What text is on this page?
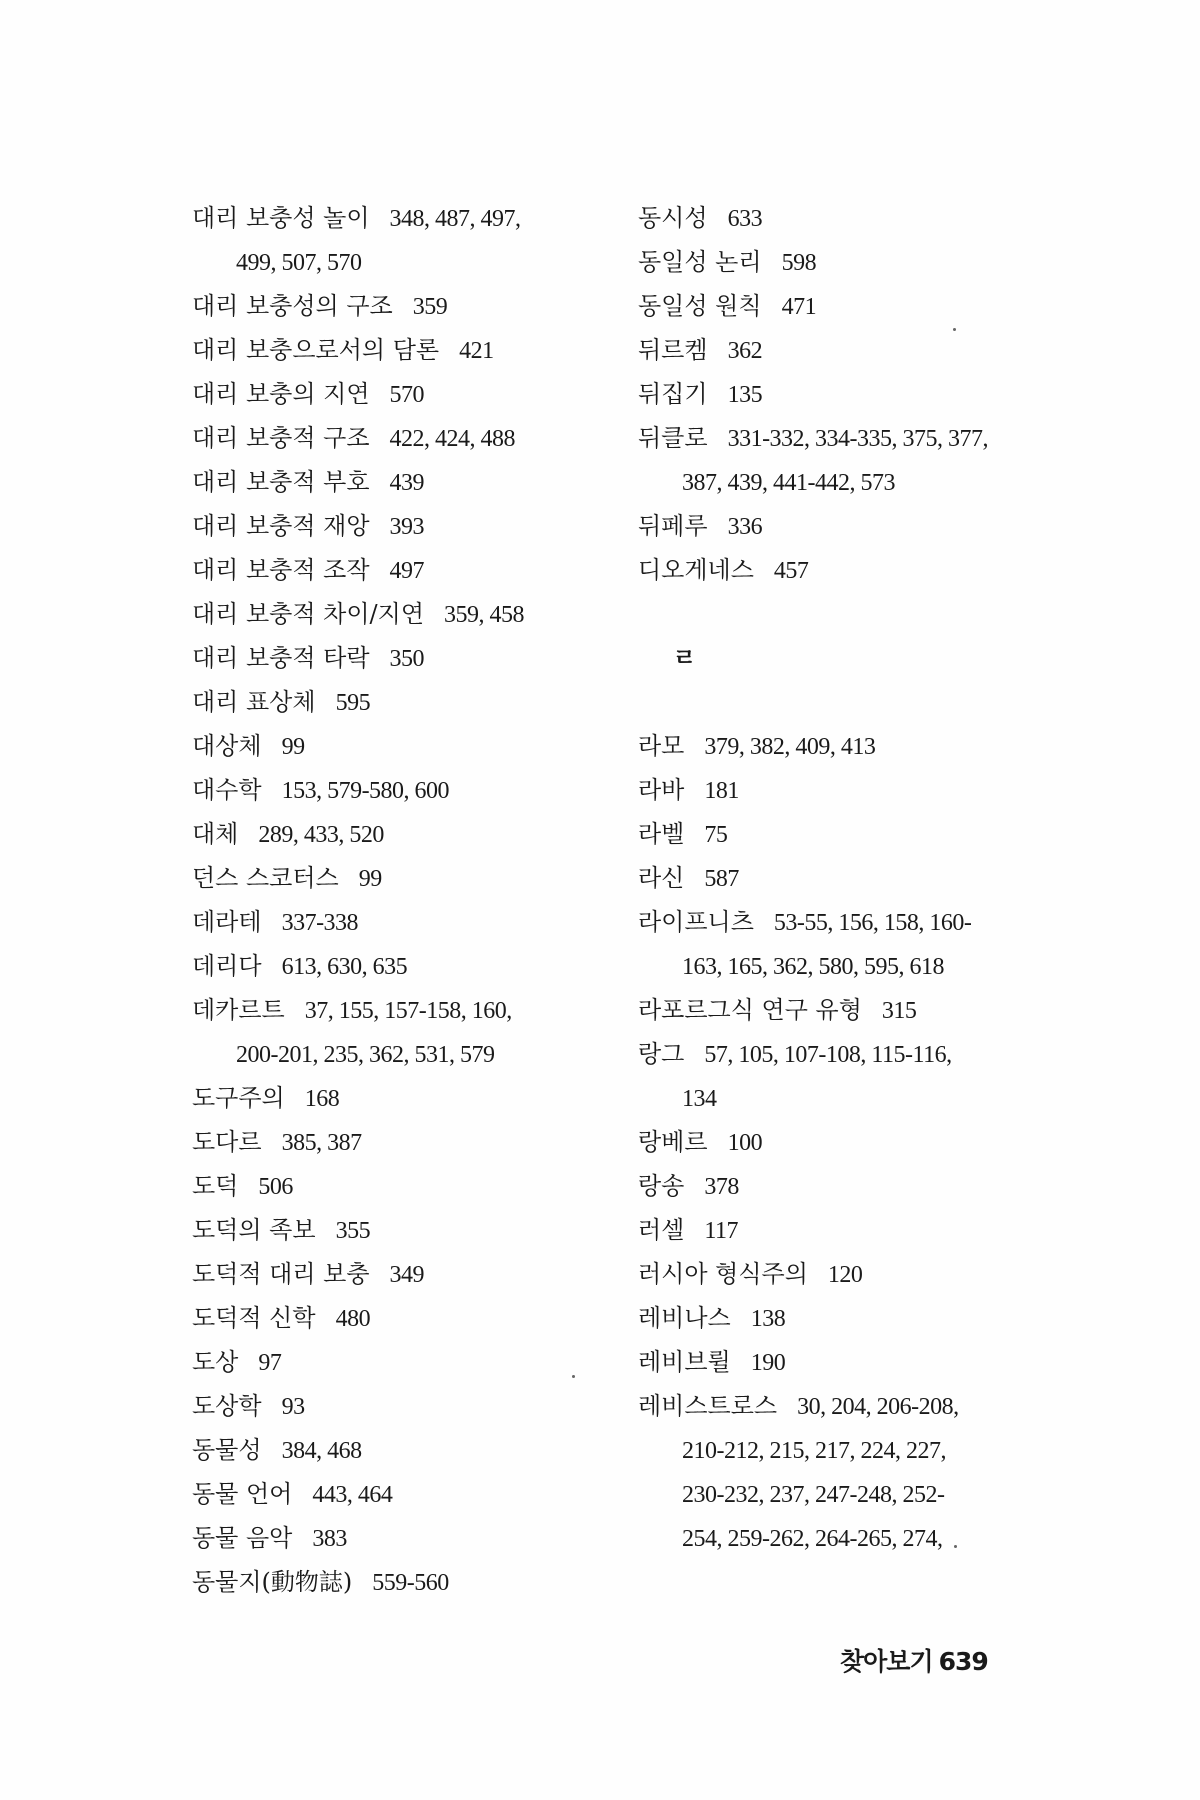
대리 보충성 놀이 348, 487, 497,
499, 507, 570
대리 보충성의 구조 359
대리 보충으로서의 담론 421
대리 보충의 지연 570
대리 보충적 구조 422, 424, 488
대리 보충적 부호 439
대리 보충적 재앙 393
대리 보충적 조작 497
대리 보충적 차이/지연 359, 458
대리 보충적 타락 350
대리 표상체 595
대상체 99
대수학 153, 579-580, 600
대체 289, 433, 520
던스 스코터스 99
데라테 337-338
데리다 613, 630, 635
데카르트 37, 155, 157-158, 160,
200-201, 235, 362, 531, 579
도구주의 168
도다르 385, 387
도덕 506
도덕의 족보 355
도덕적 대리 보충 349
도덕적 신학 480
도상 97
도상학 93
동물성 384, 468
동물 언어 443, 464
동물 음악 383
동물지(動物誌) 559-560
동시성 633
동일성 논리 598
동일성 원칙 471
뒤르켐 362
뒤집기 135
뒤클로 331-332, 334-335, 375, 377,
387, 439, 441-442, 573
뒤페루 336
디오게네스 457
ㄹ
라모 379, 382, 409, 413
라바 181
라벨 75
라신 587
라이프니츠 53-55, 156, 158, 160-
163, 165, 362, 580, 595, 618
라포르그식 연구 유형 315
랑그 57, 105, 107-108, 115-116,
134
랑베르 100
랑송 378
러셀 117
러시아 형식주의 120
레비나스 138
레비브륄 190
레비스트로스 30, 204, 206-208,
210-212, 215, 217, 224, 227,
230-232, 237, 247-248, 252-
254, 259-262, 264-265, 274,
찾아보기 639
